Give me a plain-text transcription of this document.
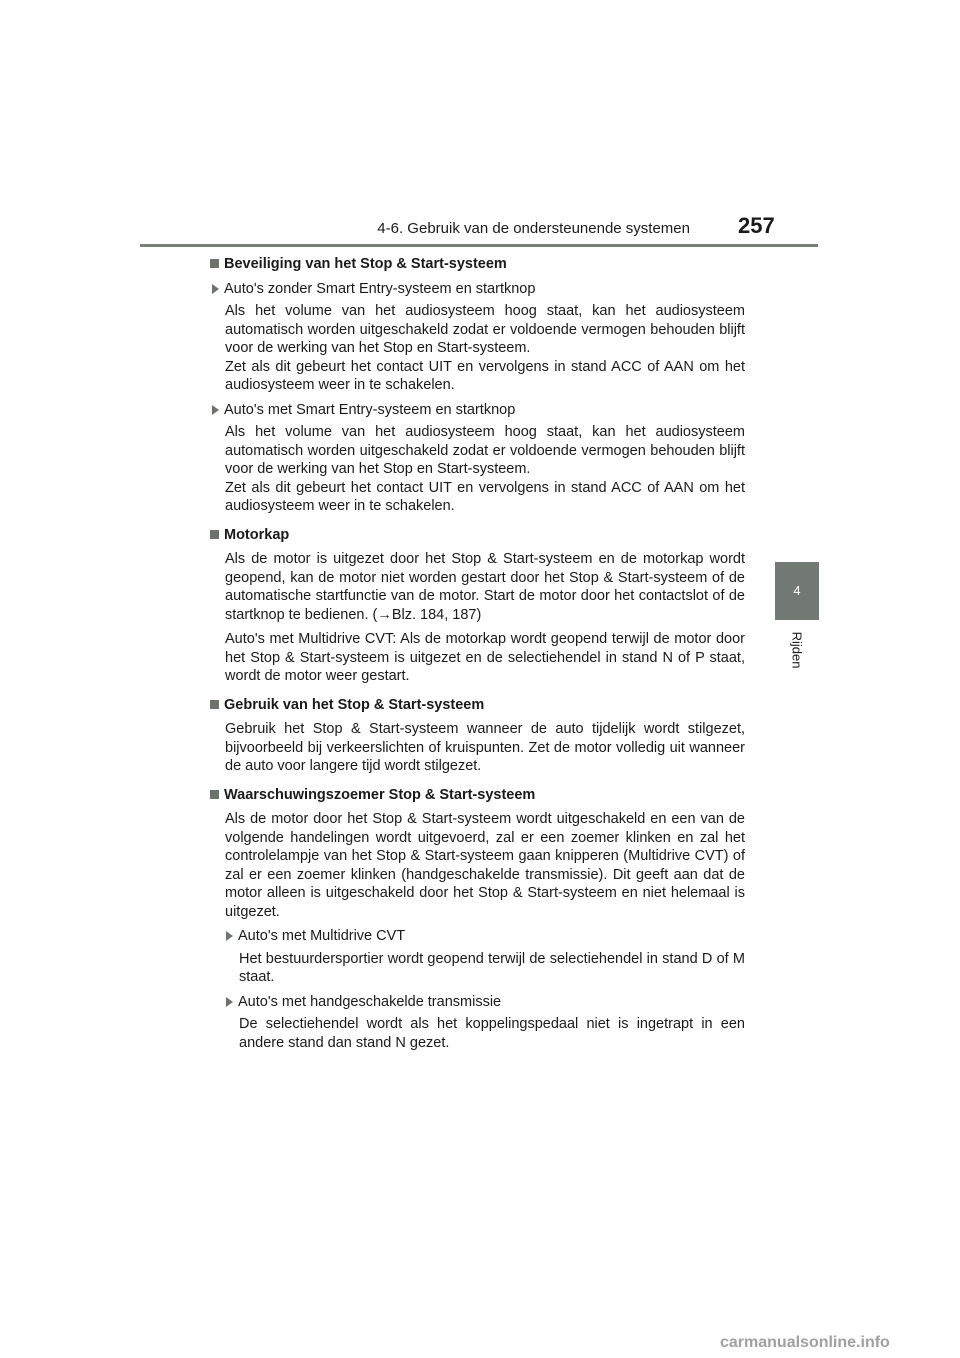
4-6. Gebruik van de ondersteunende systemen 257
4
Rijden
Beveiliging van het Stop & Start-systeem
Auto's zonder Smart Entry-systeem en startknop

Als het volume van het audiosysteem hoog staat, kan het audiosysteem automatisch worden uitgeschakeld zodat er voldoende vermogen behouden blijft voor de werking van het Stop en Start-systeem.
Zet als dit gebeurt het contact UIT en vervolgens in stand ACC of AAN om het audiosysteem weer in te schakelen.

Auto's met Smart Entry-systeem en startknop

Als het volume van het audiosysteem hoog staat, kan het audiosysteem automatisch worden uitgeschakeld zodat er voldoende vermogen behouden blijft voor de werking van het Stop en Start-systeem.
Zet als dit gebeurt het contact UIT en vervolgens in stand ACC of AAN om het audiosysteem weer in te schakelen.

Motorkap

Als de motor is uitgezet door het Stop & Start-systeem en de motorkap wordt geopend, kan de motor niet worden gestart door het Stop & Start-systeem of de automatische startfunctie van de motor. Start de motor door het contactslot of de startknop te bedienen. (→Blz. 184, 187)

Auto's met Multidrive CVT: Als de motorkap wordt geopend terwijl de motor door het Stop & Start-systeem is uitgezet en de selectiehendel in stand N of P staat, wordt de motor weer gestart.

Gebruik van het Stop & Start-systeem

Gebruik het Stop & Start-systeem wanneer de auto tijdelijk wordt stilgezet, bijvoorbeeld bij verkeerslichten of kruispunten. Zet de motor volledig uit wanneer de auto voor langere tijd wordt stilgezet.

Waarschuwingszoemer Stop & Start-systeem

Als de motor door het Stop & Start-systeem wordt uitgeschakeld en een van de volgende handelingen wordt uitgevoerd, zal er een zoemer klinken en zal het controlelampje van het Stop & Start-systeem gaan knipperen (Multidrive CVT) of zal er een zoemer klinken (handgeschakelde transmissie). Dit geeft aan dat de motor alleen is uitgeschakeld door het Stop & Start-systeem en niet helemaal is uitgezet.

Auto's met Multidrive CVT

Het bestuurdersportier wordt geopend terwijl de selectiehendel in stand D of M staat.

Auto's met handgeschakelde transmissie

De selectiehendel wordt als het koppelingspedaal niet is ingetrapt in een andere stand dan stand N gezet.

carmanualsonline.info
